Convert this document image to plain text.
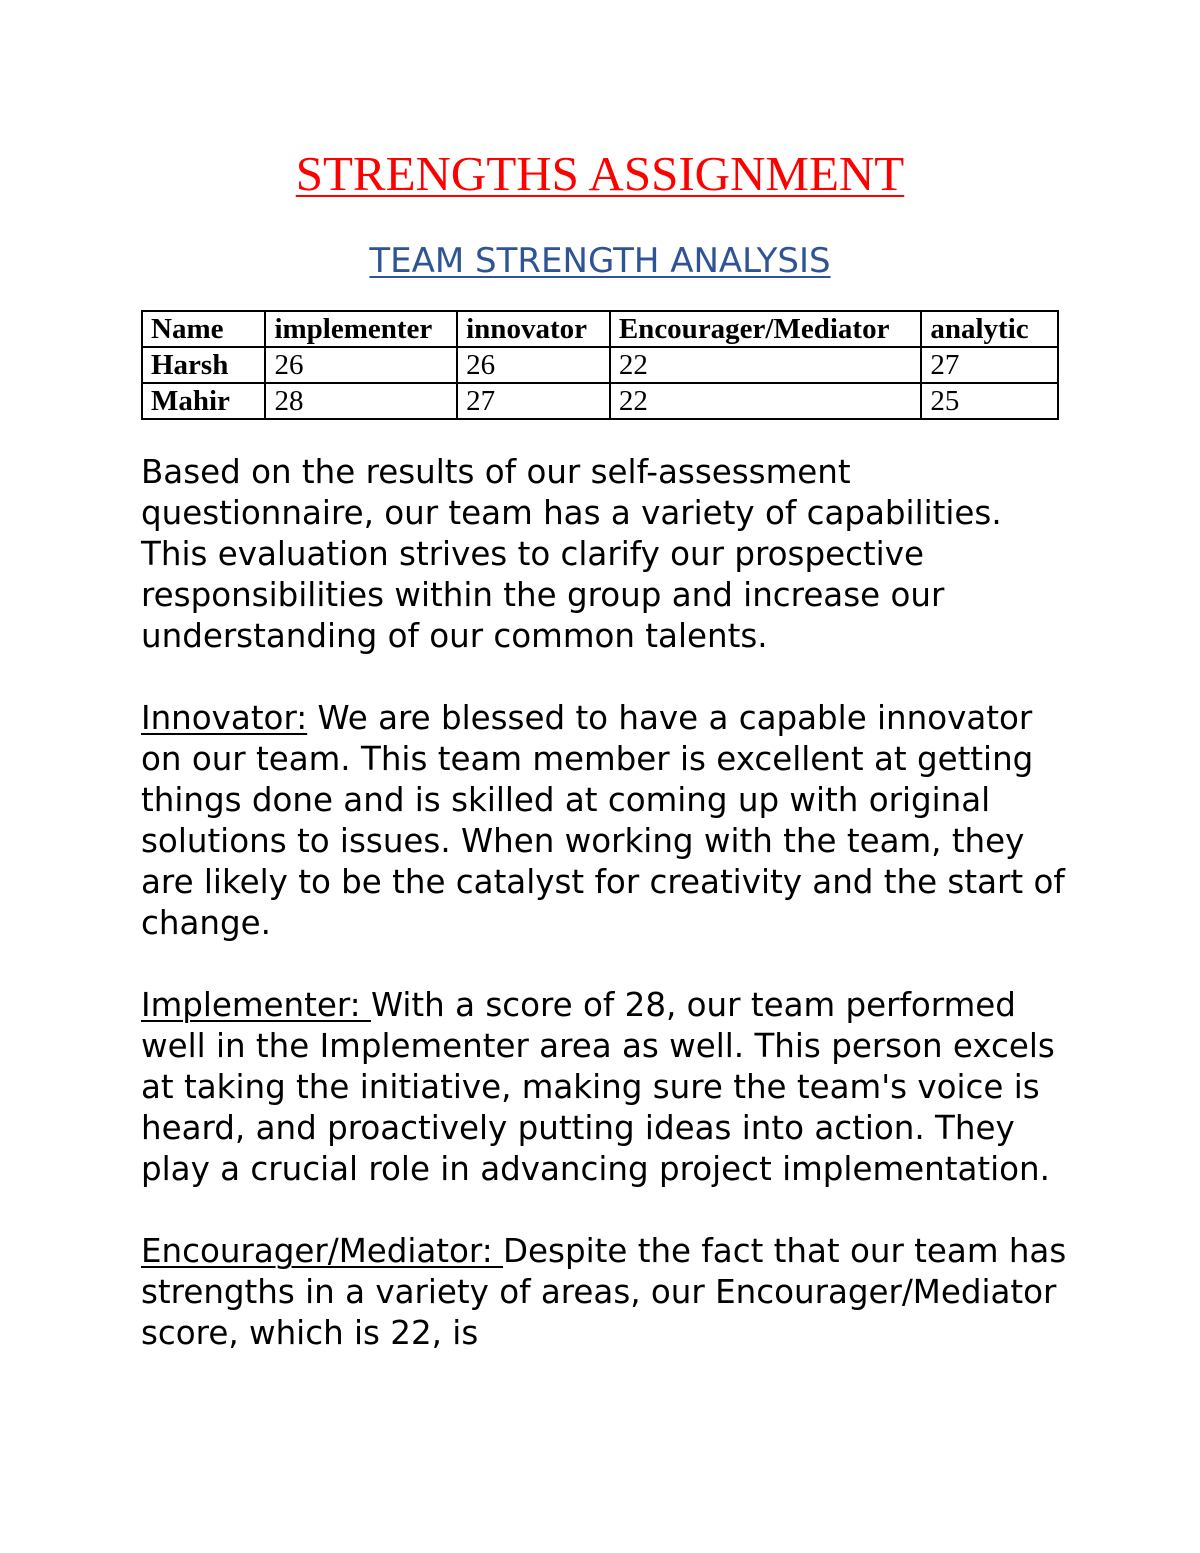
STRENGTHS ASSIGNMENT
TEAM STRENGTH ANALYSIS
Name	implementer	innovator	Encourager/Mediator	analytic
Harsh	26	26	22	27
Mahir	28	27	22	25

Based on the results of our self-assessment questionnaire, our team has a variety of capabilities. This evaluation strives to clarify our prospective responsibilities within the group and increase our understanding of our common talents.

Innovator: We are blessed to have a capable innovator on our team. This team member is excellent at getting things done and is skilled at coming up with original solutions to issues. When working with the team, they are likely to be the catalyst for creativity and the start of change.

Implementer: With a score of 28, our team performed well in the Implementer area as well. This person excels at taking the initiative, making sure the team's voice is heard, and proactively putting ideas into action. They play a crucial role in advancing project implementation.

Encourager/Mediator: Despite the fact that our team has strengths in a variety of areas, our Encourager/Mediator score, which is 22, is
